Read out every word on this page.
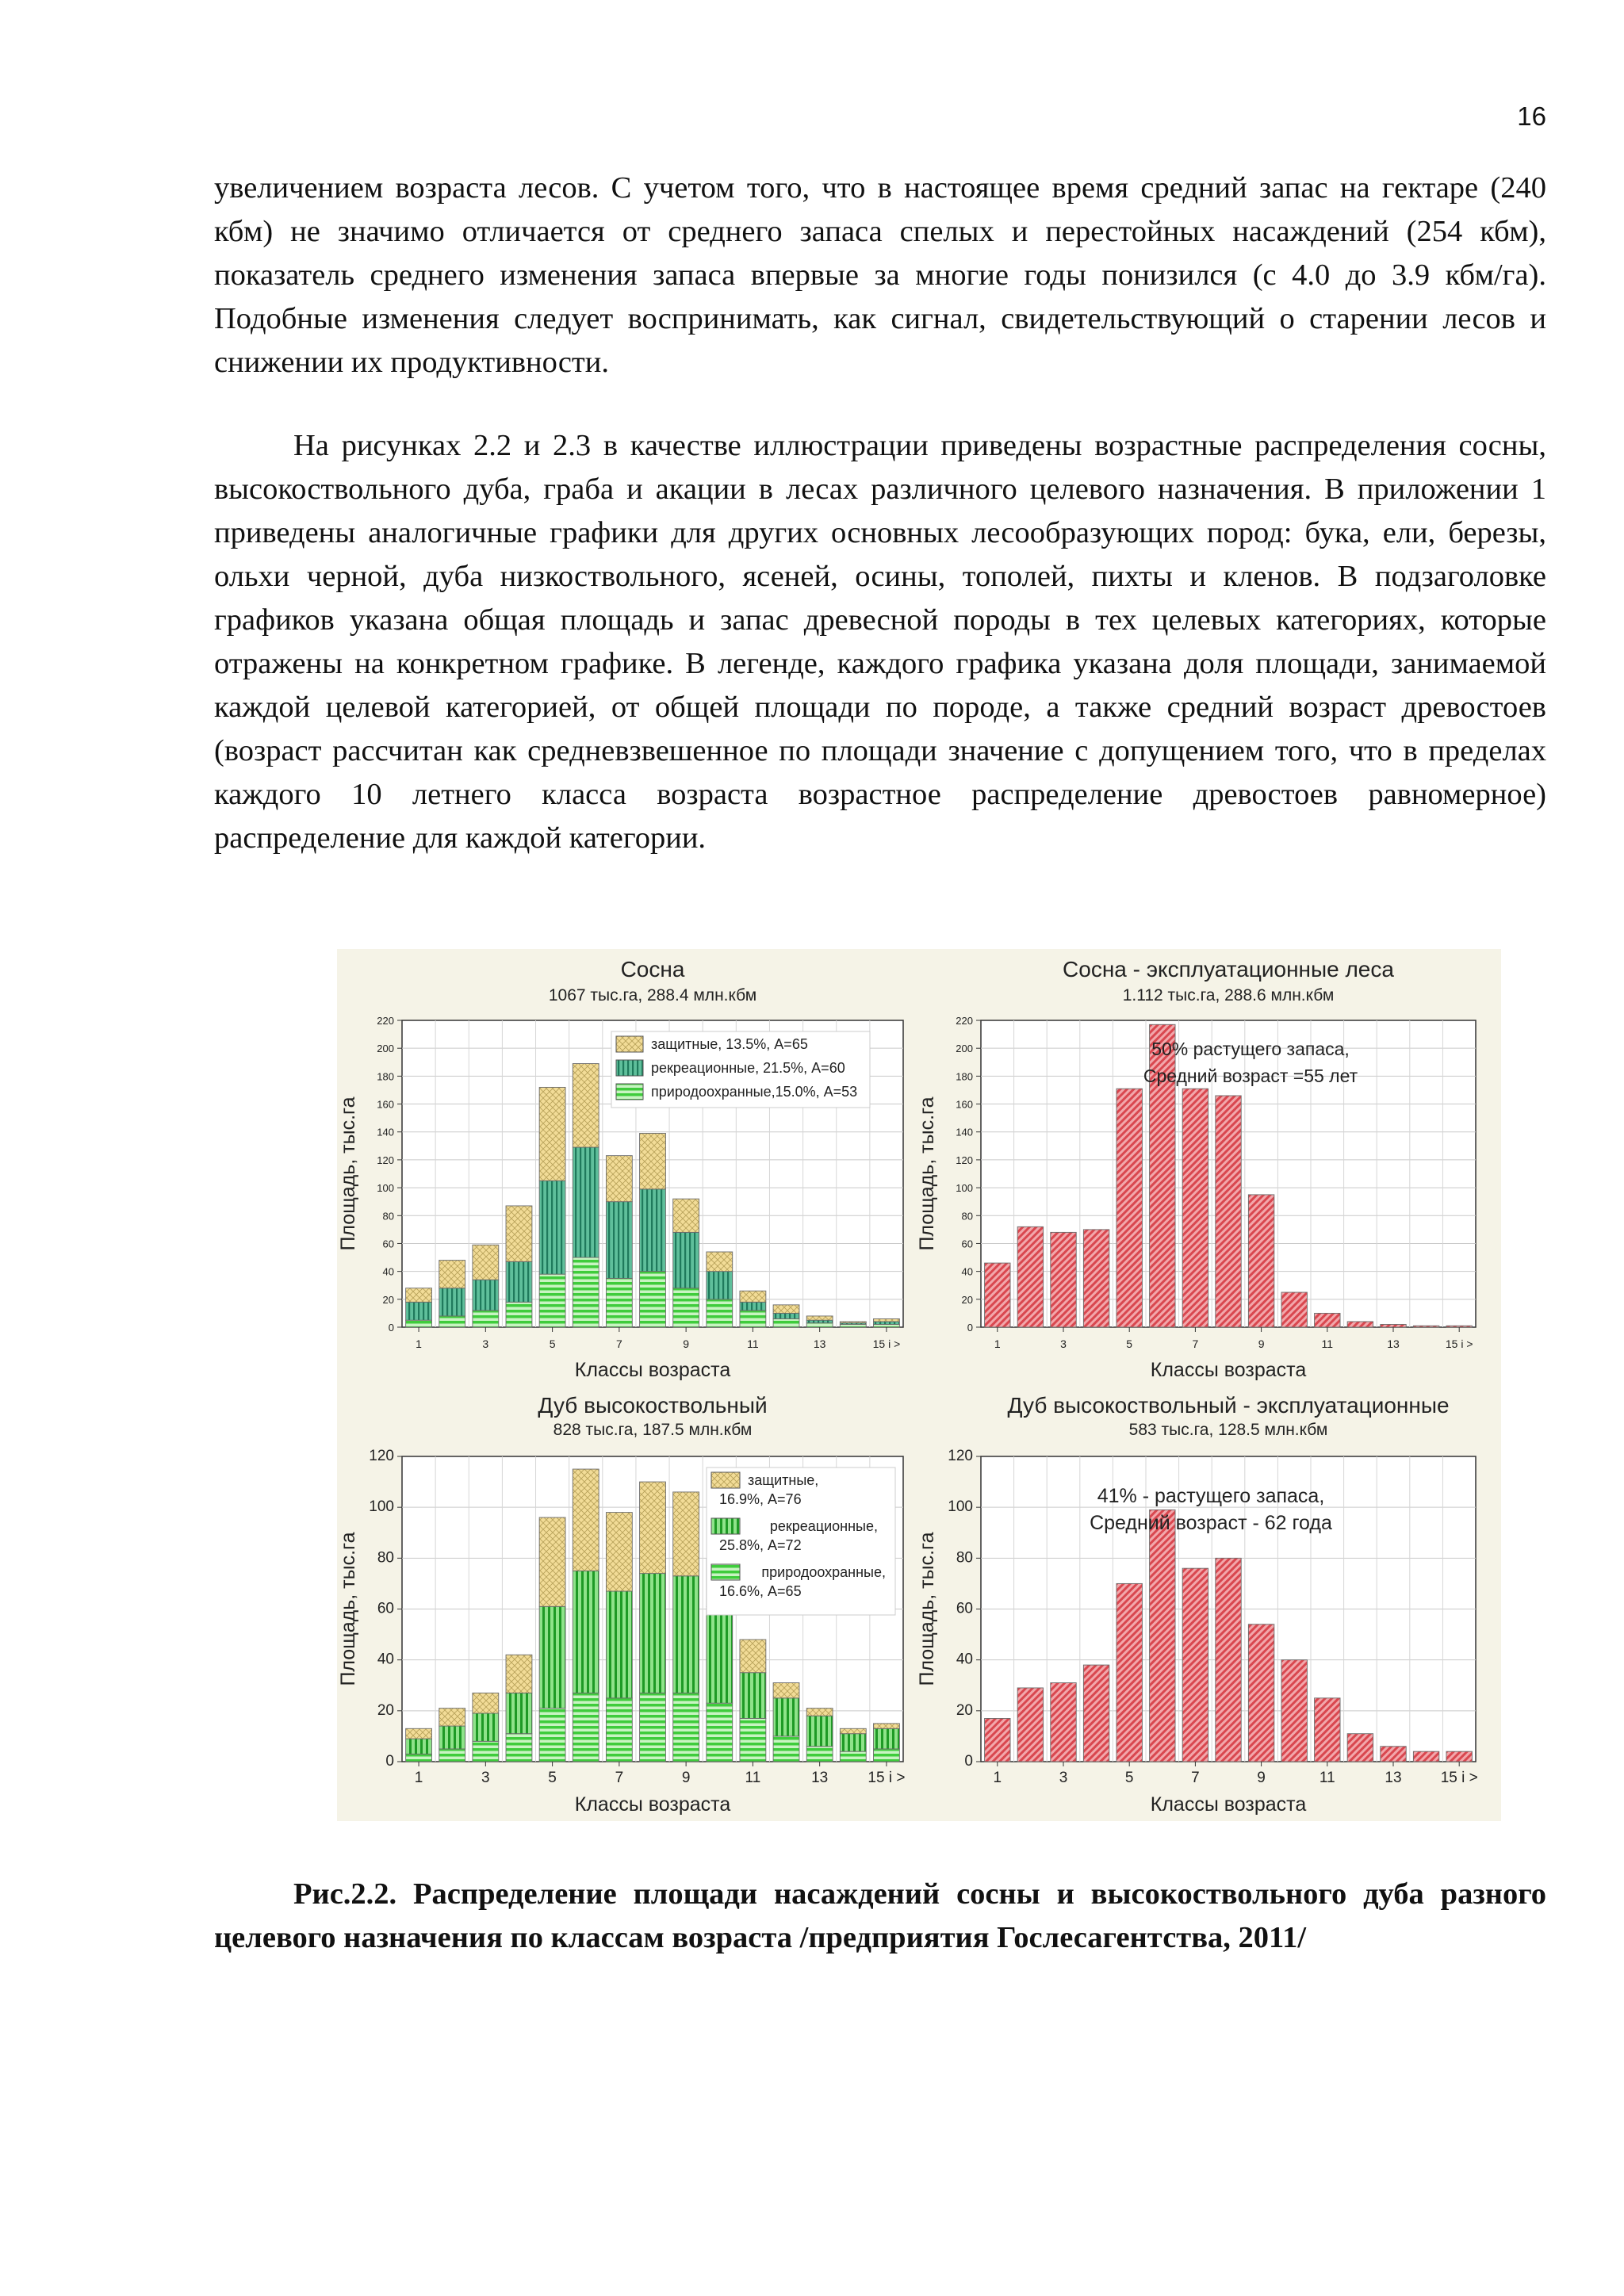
16

увеличением возраста лесов. С учетом того, что в настоящее время средний запас на гектаре (240 кбм) не значимо отличается от среднего запаса спелых и перестойных насаждений (254 кбм), показатель среднего изменения запаса впервые за многие годы понизился (с 4.0 до 3.9 кбм/га). Подобные изменения следует воспринимать, как сигнал, свидетельствующий о старении лесов и снижении их продуктивности.

На рисунках 2.2 и 2.3 в качестве иллюстрации приведены возрастные распределения сосны, высокоствольного дуба, граба и акации в лесах различного целевого назначения. В приложении 1 приведены аналогичные графики для других основных лесообразующих пород: бука, ели, березы, ольхи черной, дуба низкоствольного, ясеней, осины, тополей, пихты и кленов. В подзаголовке графиков указана общая площадь и запас древесной породы в тех целевых категориях, которые отражены на конкретном графике. В легенде, каждого графика указана доля площади, занимаемой каждой целевой категорией, от общей площади по породе, а также средний возраст древостоев (возраст рассчитан как средневзвешенное по площади значение с допущением того, что в пределах каждого 10 летнего класса возраста возрастное распределение древостоев равномерное) распределение для каждой категории.

Сосна
1067 тыс.га, 288.4 млн.кбм
0
20
40
60
80
100
120
140
160
180
200
220
1	3	5	7	9	11	13	15 і >
Классы возраста
Площадь, тыс.га
защитные, 13.5%, А=65
рекреационные, 21.5%, А=60
природоохранные,15.0%, А=53
Сосна - эксплуатационные леса
1.112 тыс.га, 288.6 млн.кбм
0
20
40
60
80
100
120
140
160
180
200
220
1	3	5	7	9	11	13	15 і >
Классы возраста
Площадь, тыс.га
50% растущего запаса,
Средний возраст =55 лет
Дуб высокоствольный
828 тыс.га, 187.5 млн.кбм
0
20
40
60
80
100
120
1	3	5	7	9	11	13	15 і >
Классы возраста
Площадь, тыс.га
защитные,
16.9%, А=76
рекреационные,
25.8%, А=72
природоохранные,
16.6%, А=65
Дуб высокоствольный - эксплуатационные
583 тыс.га, 128.5 млн.кбм
0
20
40
60
80
100
120
1	3	5	7	9	11	13	15 і >
Классы возраста
Площадь, тыс.га
41% - растущего запаса,
Средний возраст - 62 года

Рис.2.2. Распределение площади насаждений сосны и высокоствольного дуба разного целевого назначения по классам возраста /предприятия Гослесагентства, 2011/
